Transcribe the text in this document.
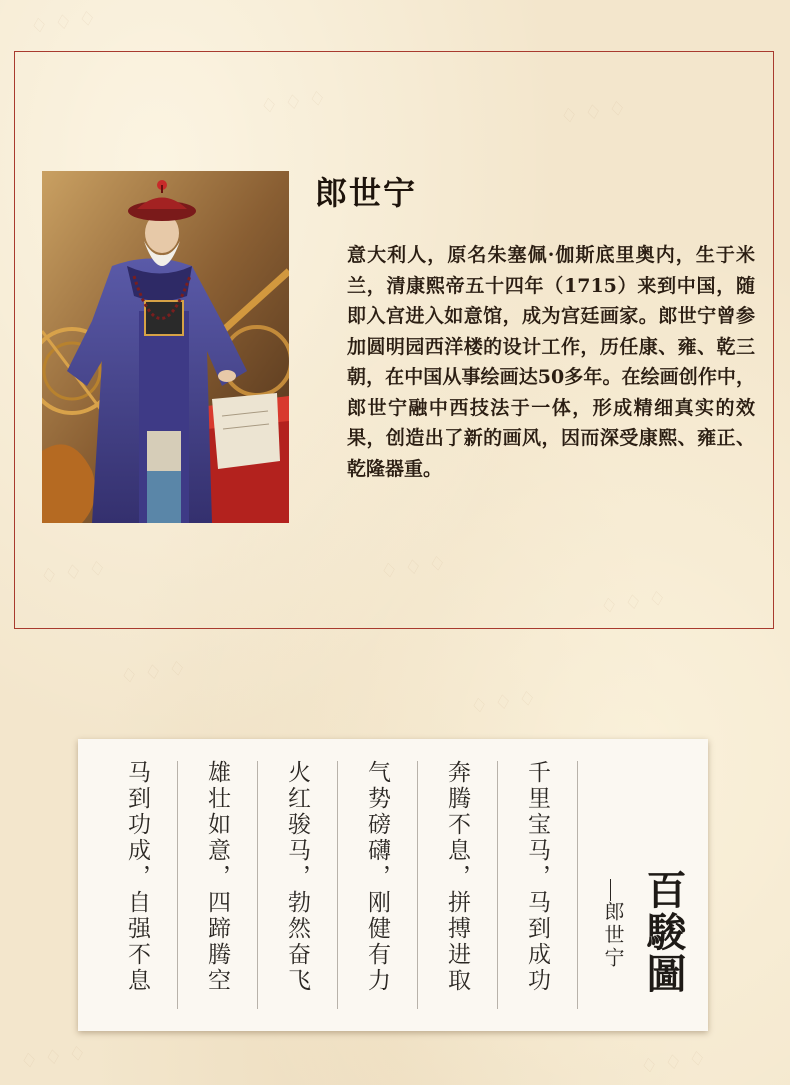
♢ ♢ ♢
♢ ♢ ♢	♢ ♢ ♢
♢ ♢ ♢	♢ ♢ ♢
♢ ♢ ♢
♢ ♢ ♢
♢ ♢ ♢
♢ ♢ ♢	♢ ♢ ♢
郎世宁
意大利人，原名朱塞佩·伽斯底里奥内，生于米兰，清康熙帝五十四年（1715）来到中国，随即入宫进入如意馆，成为宫廷画家。郎世宁曾参加圆明园西洋楼的设计工作，历任康、雍、乾三朝，在中国从事绘画达50多年。在绘画创作中，郎世宁融中西技法于一体，形成精细真实的效果，创造出了新的画风，因而深受康熙、雍正、乾隆器重。
马到功成，自强不息 雄壮如意，四蹄腾空 火红骏马，勃然奋飞 气势磅礴，刚健有力 奔腾不息，拼搏进取 千里宝马，马到成功	郎世宁 百駿圖
